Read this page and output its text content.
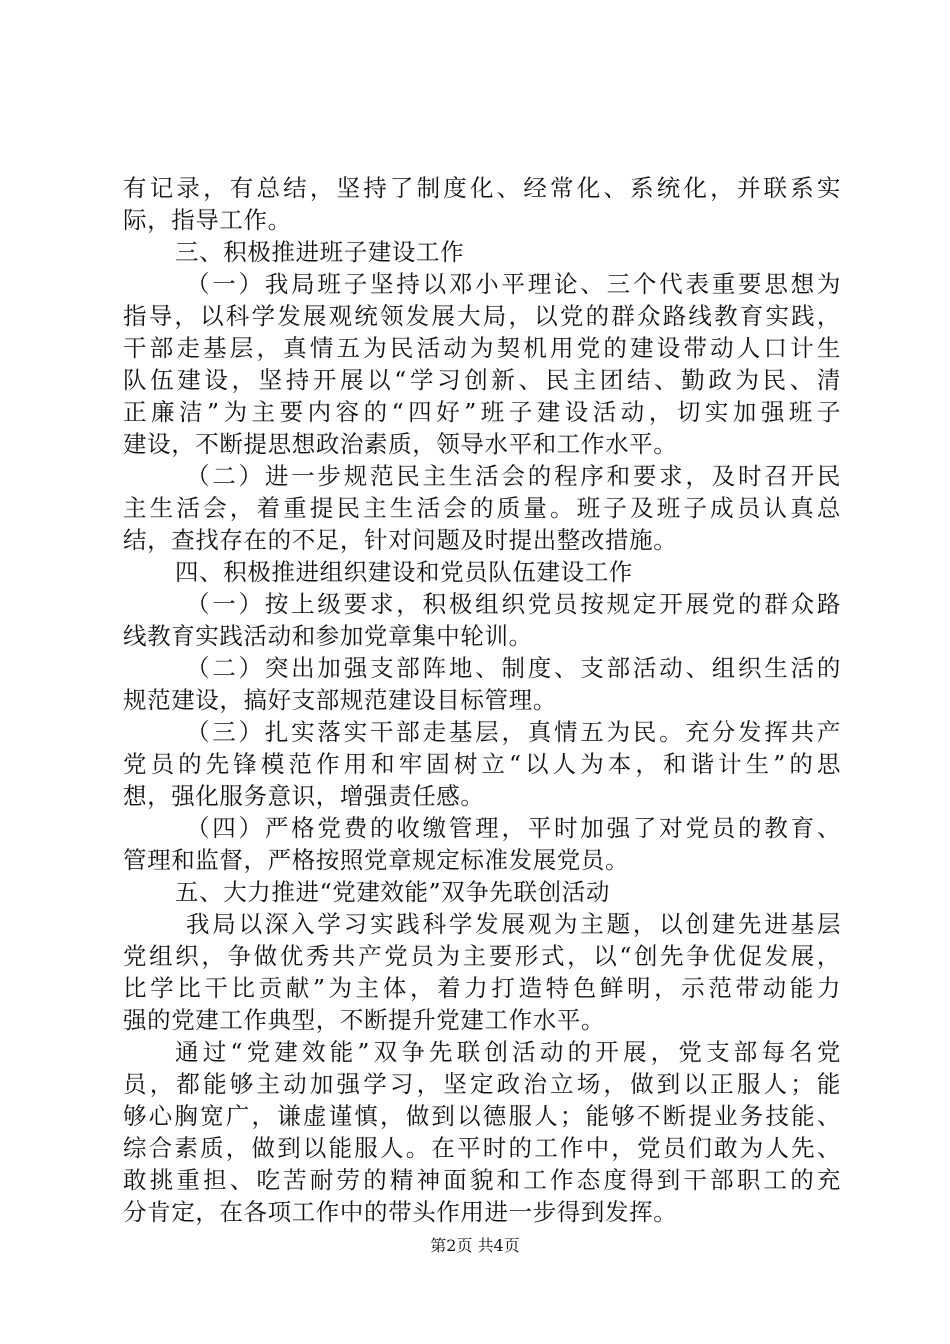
有记录，有总结，坚持了制度化、经常化、系统化，并联系实
际，指导工作。
三、积极推进班子建设工作
（一）我局班子坚持以邓小平理论、三个代表重要思想为
指导，以科学发展观统领发展大局，以党的群众路线教育实践，
干部走基层，真情五为民活动为契机用党的建设带动人口计生
队伍建设，坚持开展以“学习创新、民主团结、勤政为民、清
正廉洁”为主要内容的“四好”班子建设活动，切实加强班子
建设，不断提思想政治素质，领导水平和工作水平。
（二）进一步规范民主生活会的程序和要求，及时召开民
主生活会，着重提民主生活会的质量。班子及班子成员认真总
结，查找存在的不足，针对问题及时提出整改措施。
四、积极推进组织建设和党员队伍建设工作
（一）按上级要求，积极组织党员按规定开展党的群众路
线教育实践活动和参加党章集中轮训。
（二）突出加强支部阵地、制度、支部活动、组织生活的
规范建设，搞好支部规范建设目标管理。
（三）扎实落实干部走基层，真情五为民。充分发挥共产
党员的先锋模范作用和牢固树立“以人为本，和谐计生”的思
想，强化服务意识，增强责任感。
（四）严格党费的收缴管理，平时加强了对党员的教育、
管理和监督，严格按照党章规定标准发展党员。
五、大力推进“党建效能”双争先联创活动
我局以深入学习实践科学发展观为主题，以创建先进基层
党组织，争做优秀共产党员为主要形式，以“创先争优促发展，
比学比干比贡献”为主体，着力打造特色鲜明，示范带动能力
强的党建工作典型，不断提升党建工作水平。
通过“党建效能”双争先联创活动的开展，党支部每名党
员，都能够主动加强学习，坚定政治立场，做到以正服人；能
够心胸宽广，谦虚谨慎，做到以德服人；能够不断提业务技能、
综合素质，做到以能服人。在平时的工作中，党员们敢为人先、
敢挑重担、吃苦耐劳的精神面貌和工作态度得到干部职工的充
分肯定，在各项工作中的带头作用进一步得到发挥。
第2页 共4页
